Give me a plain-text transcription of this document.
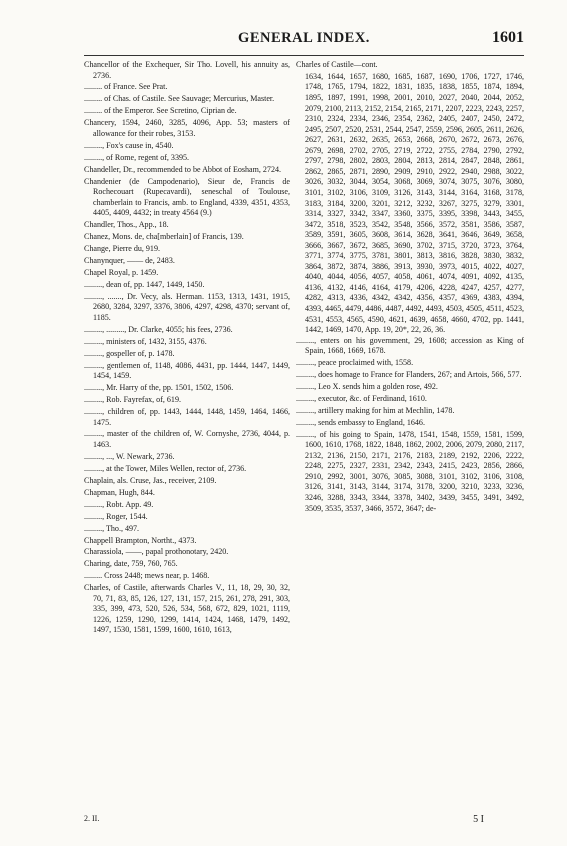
GENERAL INDEX.	1601
Chancellor of the Exchequer, Sir Tho. Lovell, his annuity as, 2736.
......... of France. See Prat.
......... of Chas. of Castile. See Sauvage; Mercurius, Master.
......... of the Emperor. See Scretino, Ciprian de.
Chancery, 1594, 2460, 3285, 4096, App. 53; masters of allowance for their robes, 3153.
........., Fox's cause in, 4540.
........., of Rome, regent of, 3395.
Chandeller, Dr., recommended to be Abbot of Eosham, 2724.
Chandenier (de Campodenario), Sieur de, Francis de Rochecouart (Rupecavardi), seneschal of Toulouse, chamberlain to Francis, amb. to England, 4339, 4351, 4353, 4405, 4409, 4432; in treaty 4564 (9.)
Chandler, Thos., App., 18.
Chanez, Mons. de, cha[mberlain] of Francis, 139.
Change, Pierre du, 919.
Chanynquer, —— de, 2483.
Chapel Royal, p. 1459.
........., dean of, pp. 1447, 1449, 1450.
........., ......., Dr. Vecy, als. Herman. 1153, 1313, 1431, 1915, 2680, 3284, 3297, 3376, 3806, 4297, 4298, 4370; servant of, 1185.
........., ........., Dr. Clarke, 4055; his fees, 2736.
........., ministers of, 1432, 3155, 4376.
........., gospeller of, p. 1478.
........., gentlemen of, 1148, 4086, 4431, pp. 1444, 1447, 1449, 1454, 1459.
........., Mr. Harry of the, pp. 1501, 1502, 1506.
........., Rob. Fayrefax, of, 619.
........., children of, pp. 1443, 1444, 1448, 1459, 1464, 1466, 1475.
........., master of the children of, W. Cornyshe, 2736, 4044, p. 1463.
........., ..., W. Newark, 2736.
........., at the Tower, Miles Wellen, rector of, 2736.
Chaplain, als. Cruse, Jas., receiver, 2109.
Chapman, Hugh, 844.
........., Robt. App. 49.
........., Roger, 1544.
........., Tho., 497.
Chappell Brampton, Northt., 4373.
Charassiola, ——, papal prothonotary, 2420.
Charing, date, 759, 760, 765.
......... Cross 2448; mews near, p. 1468.
Charles, of Castile, afterwards Charles V., 11, 18, 29, 30, 32, 70, 71, 83, 85, 126, 127, 131, 157, 215, 261, 278, 291, 303, 335, 399, 473, 520, 526, 534, 568, 672, 829, 1021, 1119, 1226, 1259, 1290, 1299, 1414, 1424, 1468, 1479, 1492, 1497, 1530, 1581, 1599, 1600, 1610, 1613,
Charles of Castile—cont.
1634, 1644, 1657, 1680, 1685, 1687, 1690, 1706, 1727, 1746, 1748, 1765, 1794, 1822, 1831, 1835, 1838, 1855, 1874, 1894, 1895, 1897, 1991, 1998, 2001, 2010, 2027, 2040, 2044, 2052, 2079, 2100, 2113, 2152, 2154, 2165, 2171, 2207, 2223, 2243, 2257, 2310, 2324, 2334, 2346, 2354, 2362, 2405, 2407, 2450, 2472, 2495, 2507, 2520, 2531, 2544, 2547, 2559, 2596, 2605, 2611, 2626, 2627, 2631, 2632, 2635, 2653, 2668, 2670, 2672, 2673, 2676, 2679, 2698, 2702, 2705, 2719, 2722, 2755, 2784, 2790, 2792, 2797, 2798, 2802, 2803, 2804, 2813, 2814, 2847, 2848, 2861, 2862, 2865, 2871, 2890, 2909, 2910, 2922, 2940, 2988, 3022, 3026, 3032, 3044, 3054, 3068, 3069, 3074, 3075, 3076, 3080, 3101, 3102, 3106, 3109, 3126, 3143, 3144, 3164, 3168, 3178, 3183, 3184, 3200, 3201, 3212, 3232, 3267, 3275, 3279, 3301, 3314, 3327, 3342, 3347, 3360, 3375, 3395, 3398, 3443, 3455, 3472, 3518, 3523, 3542, 3548, 3566, 3572, 3581, 3586, 3587, 3589, 3591, 3605, 3608, 3614, 3628, 3641, 3646, 3649, 3658, 3666, 3667, 3672, 3685, 3690, 3702, 3715, 3720, 3723, 3764, 3771, 3774, 3775, 3781, 3801, 3813, 3816, 3828, 3830, 3832, 3864, 3872, 3874, 3886, 3913, 3930, 3973, 4015, 4022, 4027, 4040, 4044, 4056, 4057, 4058, 4061, 4074, 4091, 4092, 4135, 4136, 4132, 4146, 4164, 4179, 4206, 4228, 4247, 4257, 4277, 4282, 4313, 4336, 4342, 4342, 4356, 4357, 4369, 4383, 4394, 4393, 4465, 4479, 4486, 4487, 4492, 4493, 4503, 4505, 4511, 4523, 4531, 4553, 4565, 4590, 4621, 4639, 4658, 4660, 4702, pp. 1441, 1442, 1469, 1470, App. 19, 20*, 22, 26, 36.
........., enters on his government, 29, 1608; accession as King of Spain, 1668, 1669, 1678.
........., peace proclaimed with, 1558.
........., does homage to France for Flanders, 267; and Artois, 566, 577.
........., Leo X. sends him a golden rose, 492.
........., executor, &c. of Ferdinand, 1610.
........., artillery making for him at Mechlin, 1478.
........., sends embassy to England, 1646.
........., of his going to Spain, 1478, 1541, 1548, 1559, 1581, 1599, 1600, 1610, 1768, 1822, 1848, 1862, 2002, 2006, 2079, 2080, 2117, 2132, 2136, 2150, 2171, 2176, 2183, 2189, 2192, 2206, 2222, 2248, 2275, 2327, 2331, 2342, 2343, 2415, 2423, 2856, 2866, 2910, 2992, 3001, 3076, 3085, 3088, 3101, 3102, 3106, 3108, 3126, 3141, 3143, 3144, 3174, 3178, 3200, 3210, 3233, 3236, 3246, 3288, 3343, 3344, 3378, 3402, 3439, 3455, 3491, 3492, 3509, 3535, 3537, 3466, 3572, 3647; de-
2. II.	5 I
